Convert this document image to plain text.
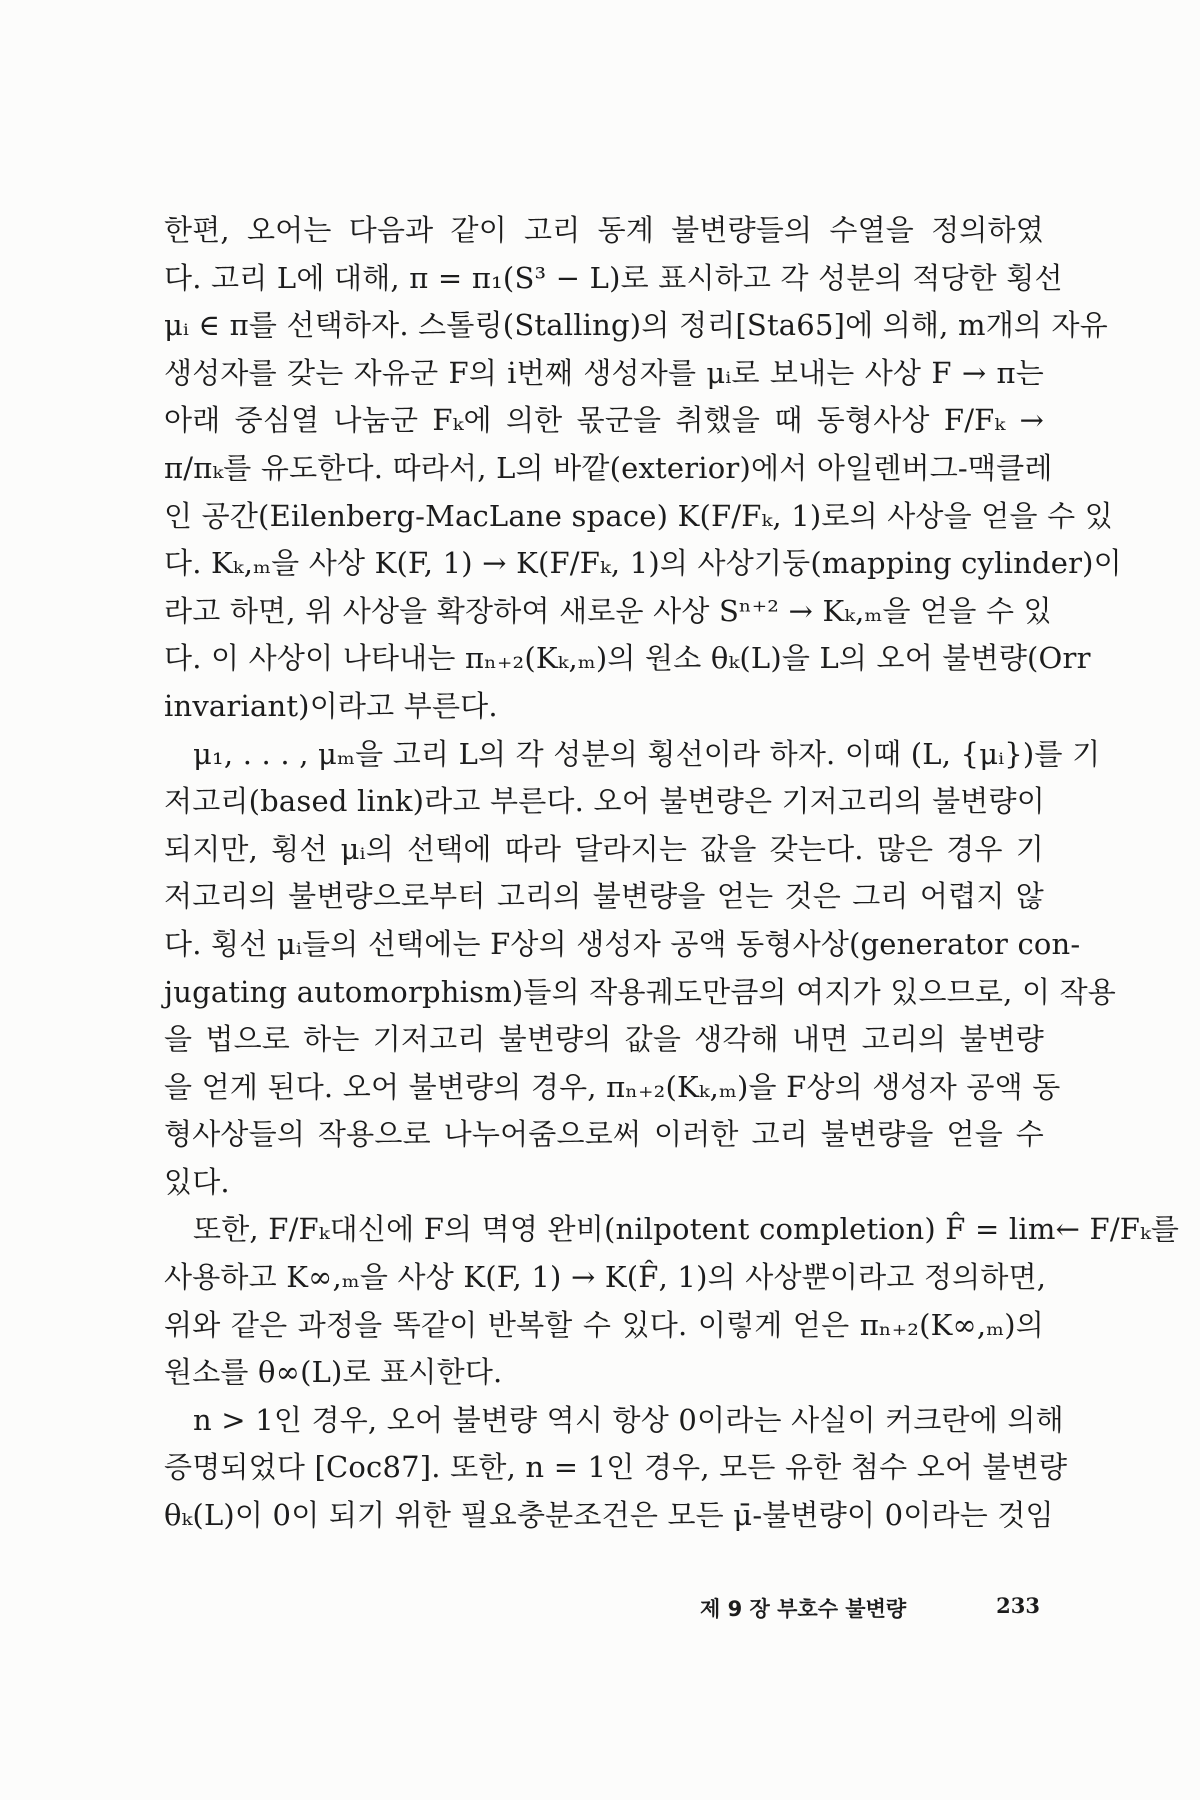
한편, 오어는 다음과 같이 고리 동계 불변량들의 수열을 정의하였
다. 고리 L에 대해, π = π₁(S³ − L)로 표시하고 각 성분의 적당한 횡선
μᵢ ∈ π를 선택하자. 스톨링(Stalling)의 정리[Sta65]에 의해, m개의 자유
생성자를 갖는 자유군 F의 i번째 생성자를 μᵢ로 보내는 사상 F → π는
아래 중심열 나눔군 Fₖ에 의한 몫군을 취했을 때 동형사상 F/Fₖ →
π/πₖ를 유도한다. 따라서, L의 바깥(exterior)에서 아일렌버그-맥클레
인 공간(Eilenberg-MacLane space) K(F/Fₖ, 1)로의 사상을 얻을 수 있
다. Kₖ,ₘ을 사상 K(F, 1) → K(F/Fₖ, 1)의 사상기둥(mapping cylinder)이
라고 하면, 위 사상을 확장하여 새로운 사상 Sⁿ⁺² → Kₖ,ₘ을 얻을 수 있
다. 이 사상이 나타내는 πₙ₊₂(Kₖ,ₘ)의 원소 θₖ(L)을 L의 오어 불변량(Orr
invariant)이라고 부른다.
μ₁, . . . , μₘ을 고리 L의 각 성분의 횡선이라 하자. 이때 (L, {μᵢ})를 기
저고리(based link)라고 부른다. 오어 불변량은 기저고리의 불변량이
되지만, 횡선 μᵢ의 선택에 따라 달라지는 값을 갖는다. 많은 경우 기
저고리의 불변량으로부터 고리의 불변량을 얻는 것은 그리 어렵지 않
다. 횡선 μᵢ들의 선택에는 F상의 생성자 공액 동형사상(generator con-
jugating automorphism)들의 작용궤도만큼의 여지가 있으므로, 이 작용
을 법으로 하는 기저고리 불변량의 값을 생각해 내면 고리의 불변량
을 얻게 된다. 오어 불변량의 경우, πₙ₊₂(Kₖ,ₘ)을 F상의 생성자 공액 동
형사상들의 작용으로 나누어줌으로써 이러한 고리 불변량을 얻을 수
있다.
또한, F/Fₖ대신에 F의 멱영 완비(nilpotent completion) F̂ = lim← F/Fₖ를
사용하고 K∞,ₘ을 사상 K(F, 1) → K(F̂, 1)의 사상뿐이라고 정의하면,
위와 같은 과정을 똑같이 반복할 수 있다. 이렇게 얻은 πₙ₊₂(K∞,ₘ)의
원소를 θ∞(L)로 표시한다.
n > 1인 경우, 오어 불변량 역시 항상 0이라는 사실이 커크란에 의해
증명되었다 [Coc87]. 또한, n = 1인 경우, 모든 유한 첨수 오어 불변량
θₖ(L)이 0이 되기 위한 필요충분조건은 모든 μ̄-불변량이 0이라는 것임
제 9 장 부호수 불변량	233
